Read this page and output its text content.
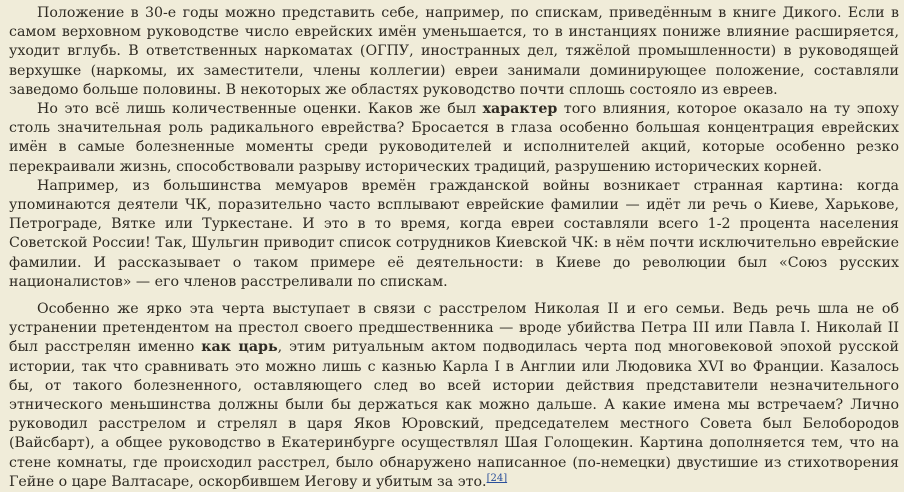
Положение в 30-е годы можно представить себе, например, по спискам, приведённым в книге Дикого. Если в самом верховном руководстве число еврейских имён уменьшается, то в инстанциях пониже влияние расширяется, уходит вглубь. В ответственных наркоматах (ОГПУ, иностранных дел, тяжёлой промышленности) в руководящей верхушке (наркомы, их заместители, члены коллегии) евреи занимали доминирующее положение, составляли заведомо больше половины. В некоторых же областях руководство почти сплошь состояло из евреев.

Но это всё лишь количественные оценки. Каков же был характер того влияния, которое оказало на ту эпоху столь значительная роль радикального еврейства? Бросается в глаза особенно большая концентрация еврейских имён в самые болезненные моменты среди руководителей и исполнителей акций, которые особенно резко перекраивали жизнь, способствовали разрыву исторических традиций, разрушению исторических корней.

Например, из большинства мемуаров времён гражданской войны возникает странная картина: когда упоминаются деятели ЧК, поразительно часто всплывают еврейские фамилии — идёт ли речь о Киеве, Харькове, Петрограде, Вятке или Туркестане. И это в то время, когда евреи составляли всего 1-2 процента населения Советской России! Так, Шульгин приводит список сотрудников Киевской ЧК: в нём почти исключительно еврейские фамилии. И рассказывает о таком примере её деятельности: в Киеве до революции был «Союз русских националистов» — его членов расстреливали по спискам.

Особенно же ярко эта черта выступает в связи с расстрелом Николая II и его семьи. Ведь речь шла не об устранении претендентом на престол своего предшественника — вроде убийства Петра III или Павла I. Николай II был расстрелян именно как царь, этим ритуальным актом подводилась черта под многовековой эпохой русской истории, так что сравнивать это можно лишь с казнью Карла I в Англии или Людовика XVI во Франции. Казалось бы, от такого болезненного, оставляющего след во всей истории действия представители незначительного этнического меньшинства должны были бы держаться как можно дальше. А какие имена мы встречаем? Лично руководил расстрелом и стрелял в царя Яков Юровский, председателем местного Совета был Белобородов (Вайсбарт), а общее руководство в Екатеринбурге осуществлял Шая Голощекин. Картина дополняется тем, что на стене комнаты, где происходил расстрел, было обнаружено написанное (по-немецки) двустишие из стихотворения Гейне о царе Валтасаре, оскорбившем Иегову и убитым за это.[24]
